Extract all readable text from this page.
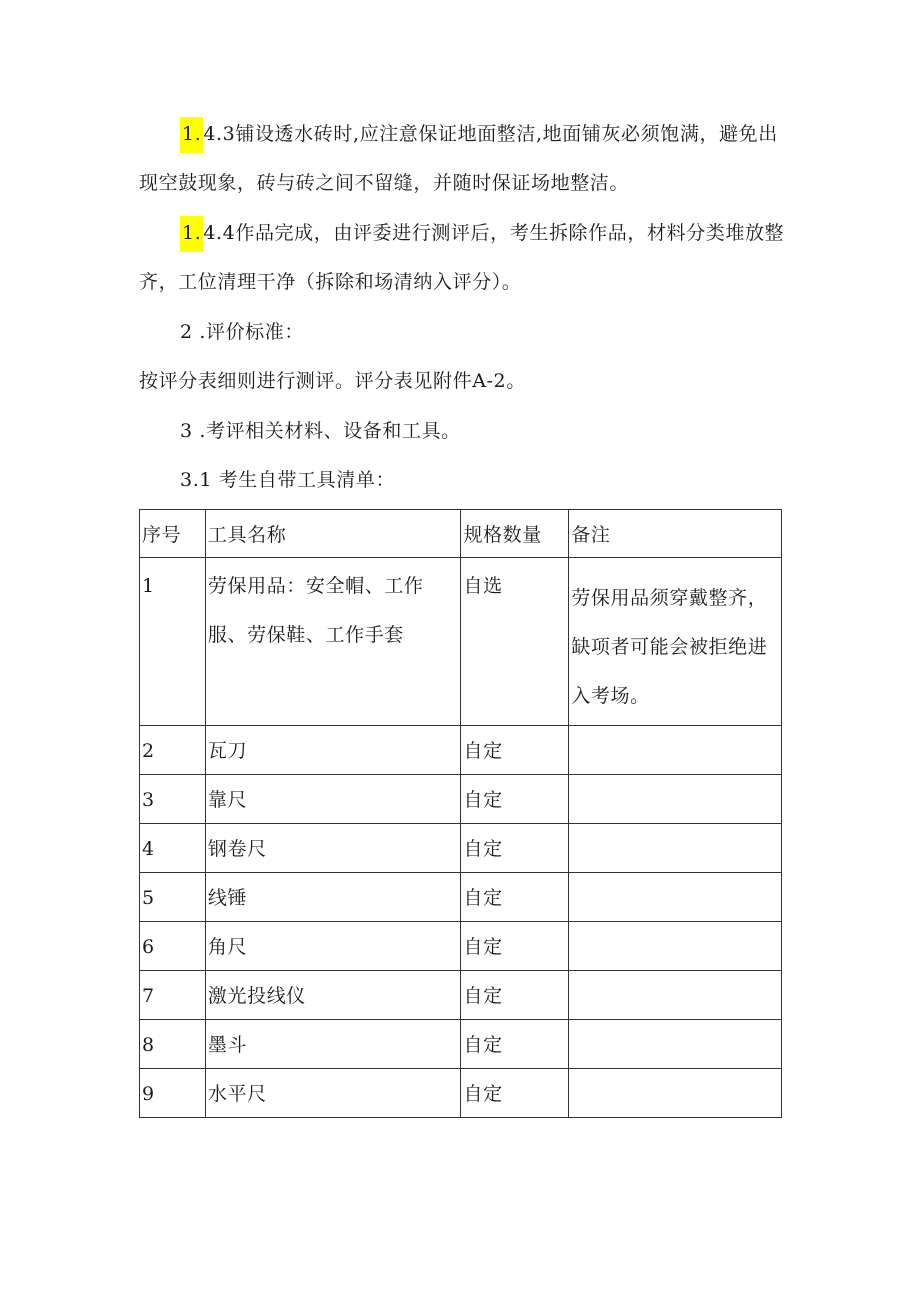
1. 4.3铺设透水砖时,应注意保证地面整洁,地面铺灰必须饱满，避免出现空鼓现象，砖与砖之间不留缝，并随时保证场地整洁。

1. 4.4作品完成，由评委进行测评后，考生拆除作品，材料分类堆放整齐，工位清理干净（拆除和场清纳入评分）。

2 .评价标准：

按评分表细则进行测评。评分表见附件A-2。

3 .考评相关材料、设备和工具。

3.1 考生自带工具清单：

序号	工具名称	规格数量	备注
1	劳保用品：安全帽、工作服、劳保鞋、工作手套	自选	劳保用品须穿戴整齐，缺项者可能会被拒绝进入考场。
2	瓦刀	自定	
3	靠尺	自定	
4	钢卷尺	自定	
5	线锤	自定	
6	角尺	自定	
7	激光投线仪	自定	
8	墨斗	自定	
9	水平尺	自定	
